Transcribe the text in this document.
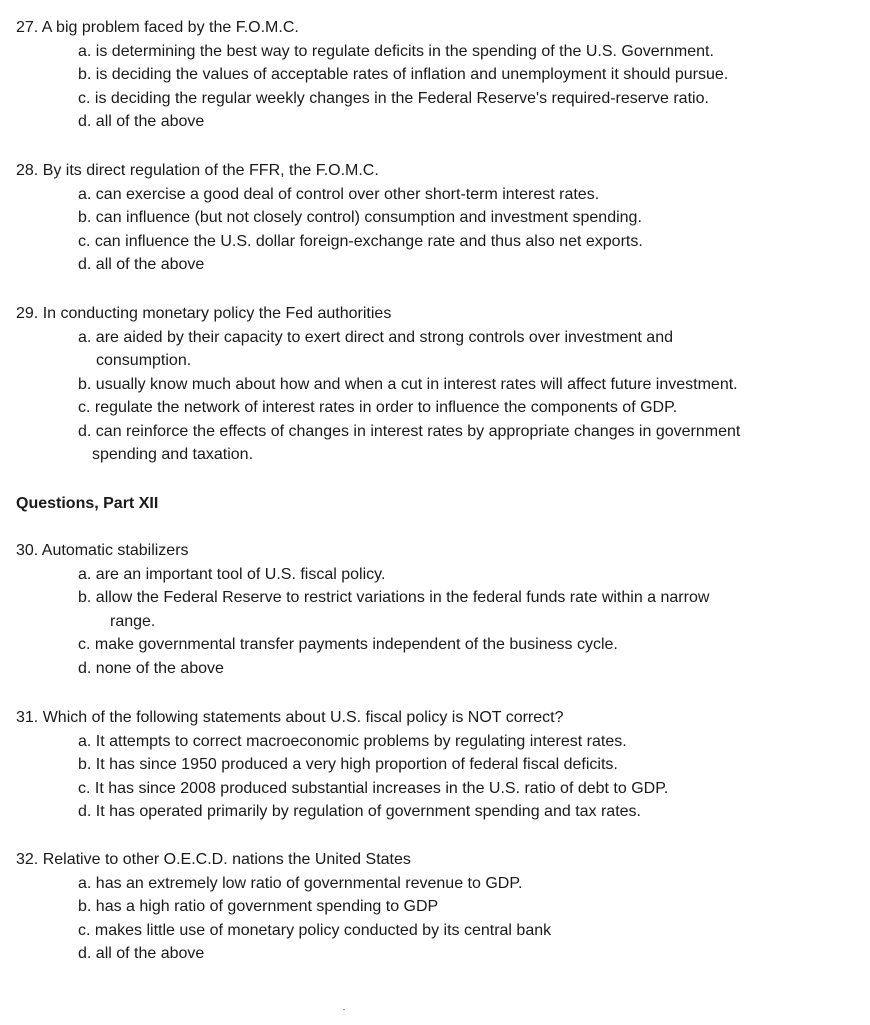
27. A big problem faced by the F.O.M.C.
a. is determining the best way to regulate deficits in the spending of the U.S. Government.
b. is deciding the values of acceptable rates of inflation and unemployment it should pursue.
c. is deciding the regular weekly changes in the Federal Reserve's required-reserve ratio.
d. all of the above
28. By its direct regulation of the FFR, the F.O.M.C.
a. can exercise a good deal of control over other short-term interest rates.
b. can influence (but not closely control) consumption and investment spending.
c. can influence the U.S. dollar foreign-exchange rate and thus also net exports.
d. all of the above
29. In conducting monetary policy the Fed authorities
a. are aided by their capacity to exert direct and strong controls over investment and
consumption.
b. usually know much about how and when a cut in interest rates will affect future investment.
c. regulate the network of interest rates in order to influence the components of GDP.
d. can reinforce the effects of changes in interest rates by appropriate changes in government
spending and taxation.
Questions, Part XII
30. Automatic stabilizers
a. are an important tool of U.S. fiscal policy.
b. allow the Federal Reserve to restrict variations in the federal funds rate within a narrow
range.
c. make governmental transfer payments independent of the business cycle.
d. none of the above
31. Which of the following statements about U.S. fiscal policy is NOT correct?
a. It attempts to correct macroeconomic problems by regulating interest rates.
b. It has since 1950 produced a very high proportion of federal fiscal deficits.
c. It has since 2008 produced substantial increases in the U.S. ratio of debt to GDP.
d. It has operated primarily by regulation of government spending and tax rates.
32. Relative to other O.E.C.D. nations the United States
a. has an extremely low ratio of governmental revenue to GDP.
b. has a high ratio of government spending to GDP
c. makes little use of monetary policy conducted by its central bank
d. all of the above
